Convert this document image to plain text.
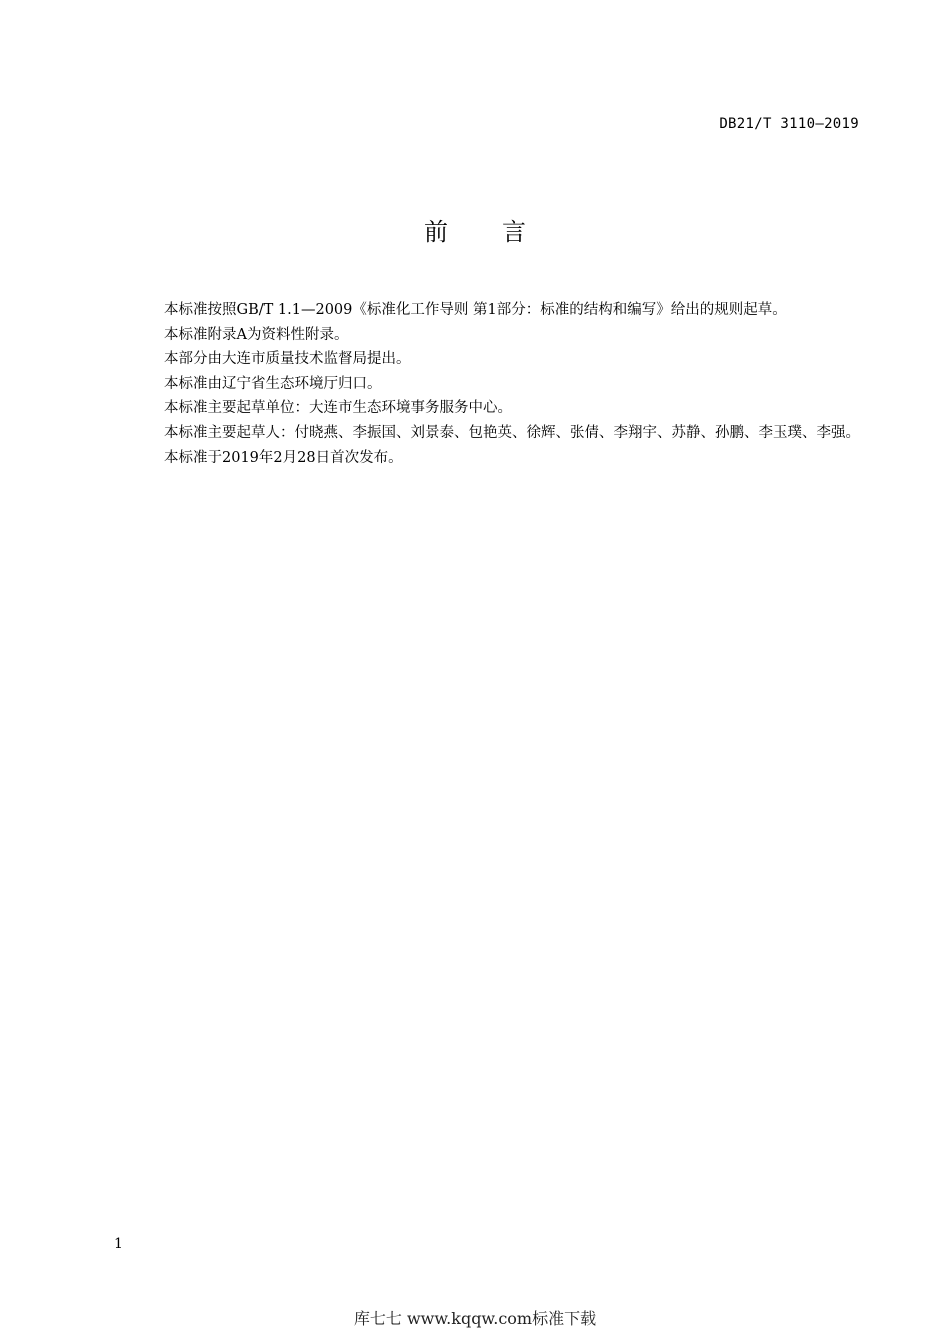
DB21/T 3110—2019
前言

本标准按照GB/T 1.1—2009《标准化工作导则 第1部分：标准的结构和编写》给出的规则起草。

本标准附录A为资料性附录。

本部分由大连市质量技术监督局提出。

本标准由辽宁省生态环境厅归口。

本标准主要起草单位：大连市生态环境事务服务中心。

本标准主要起草人：付晓燕、李振国、刘景泰、包艳英、徐辉、张倩、李翔宇、苏静、孙鹏、李玉璞、李强。

本标准于2019年2月28日首次发布。

1
库七七 www.kqqw.com标准下载
